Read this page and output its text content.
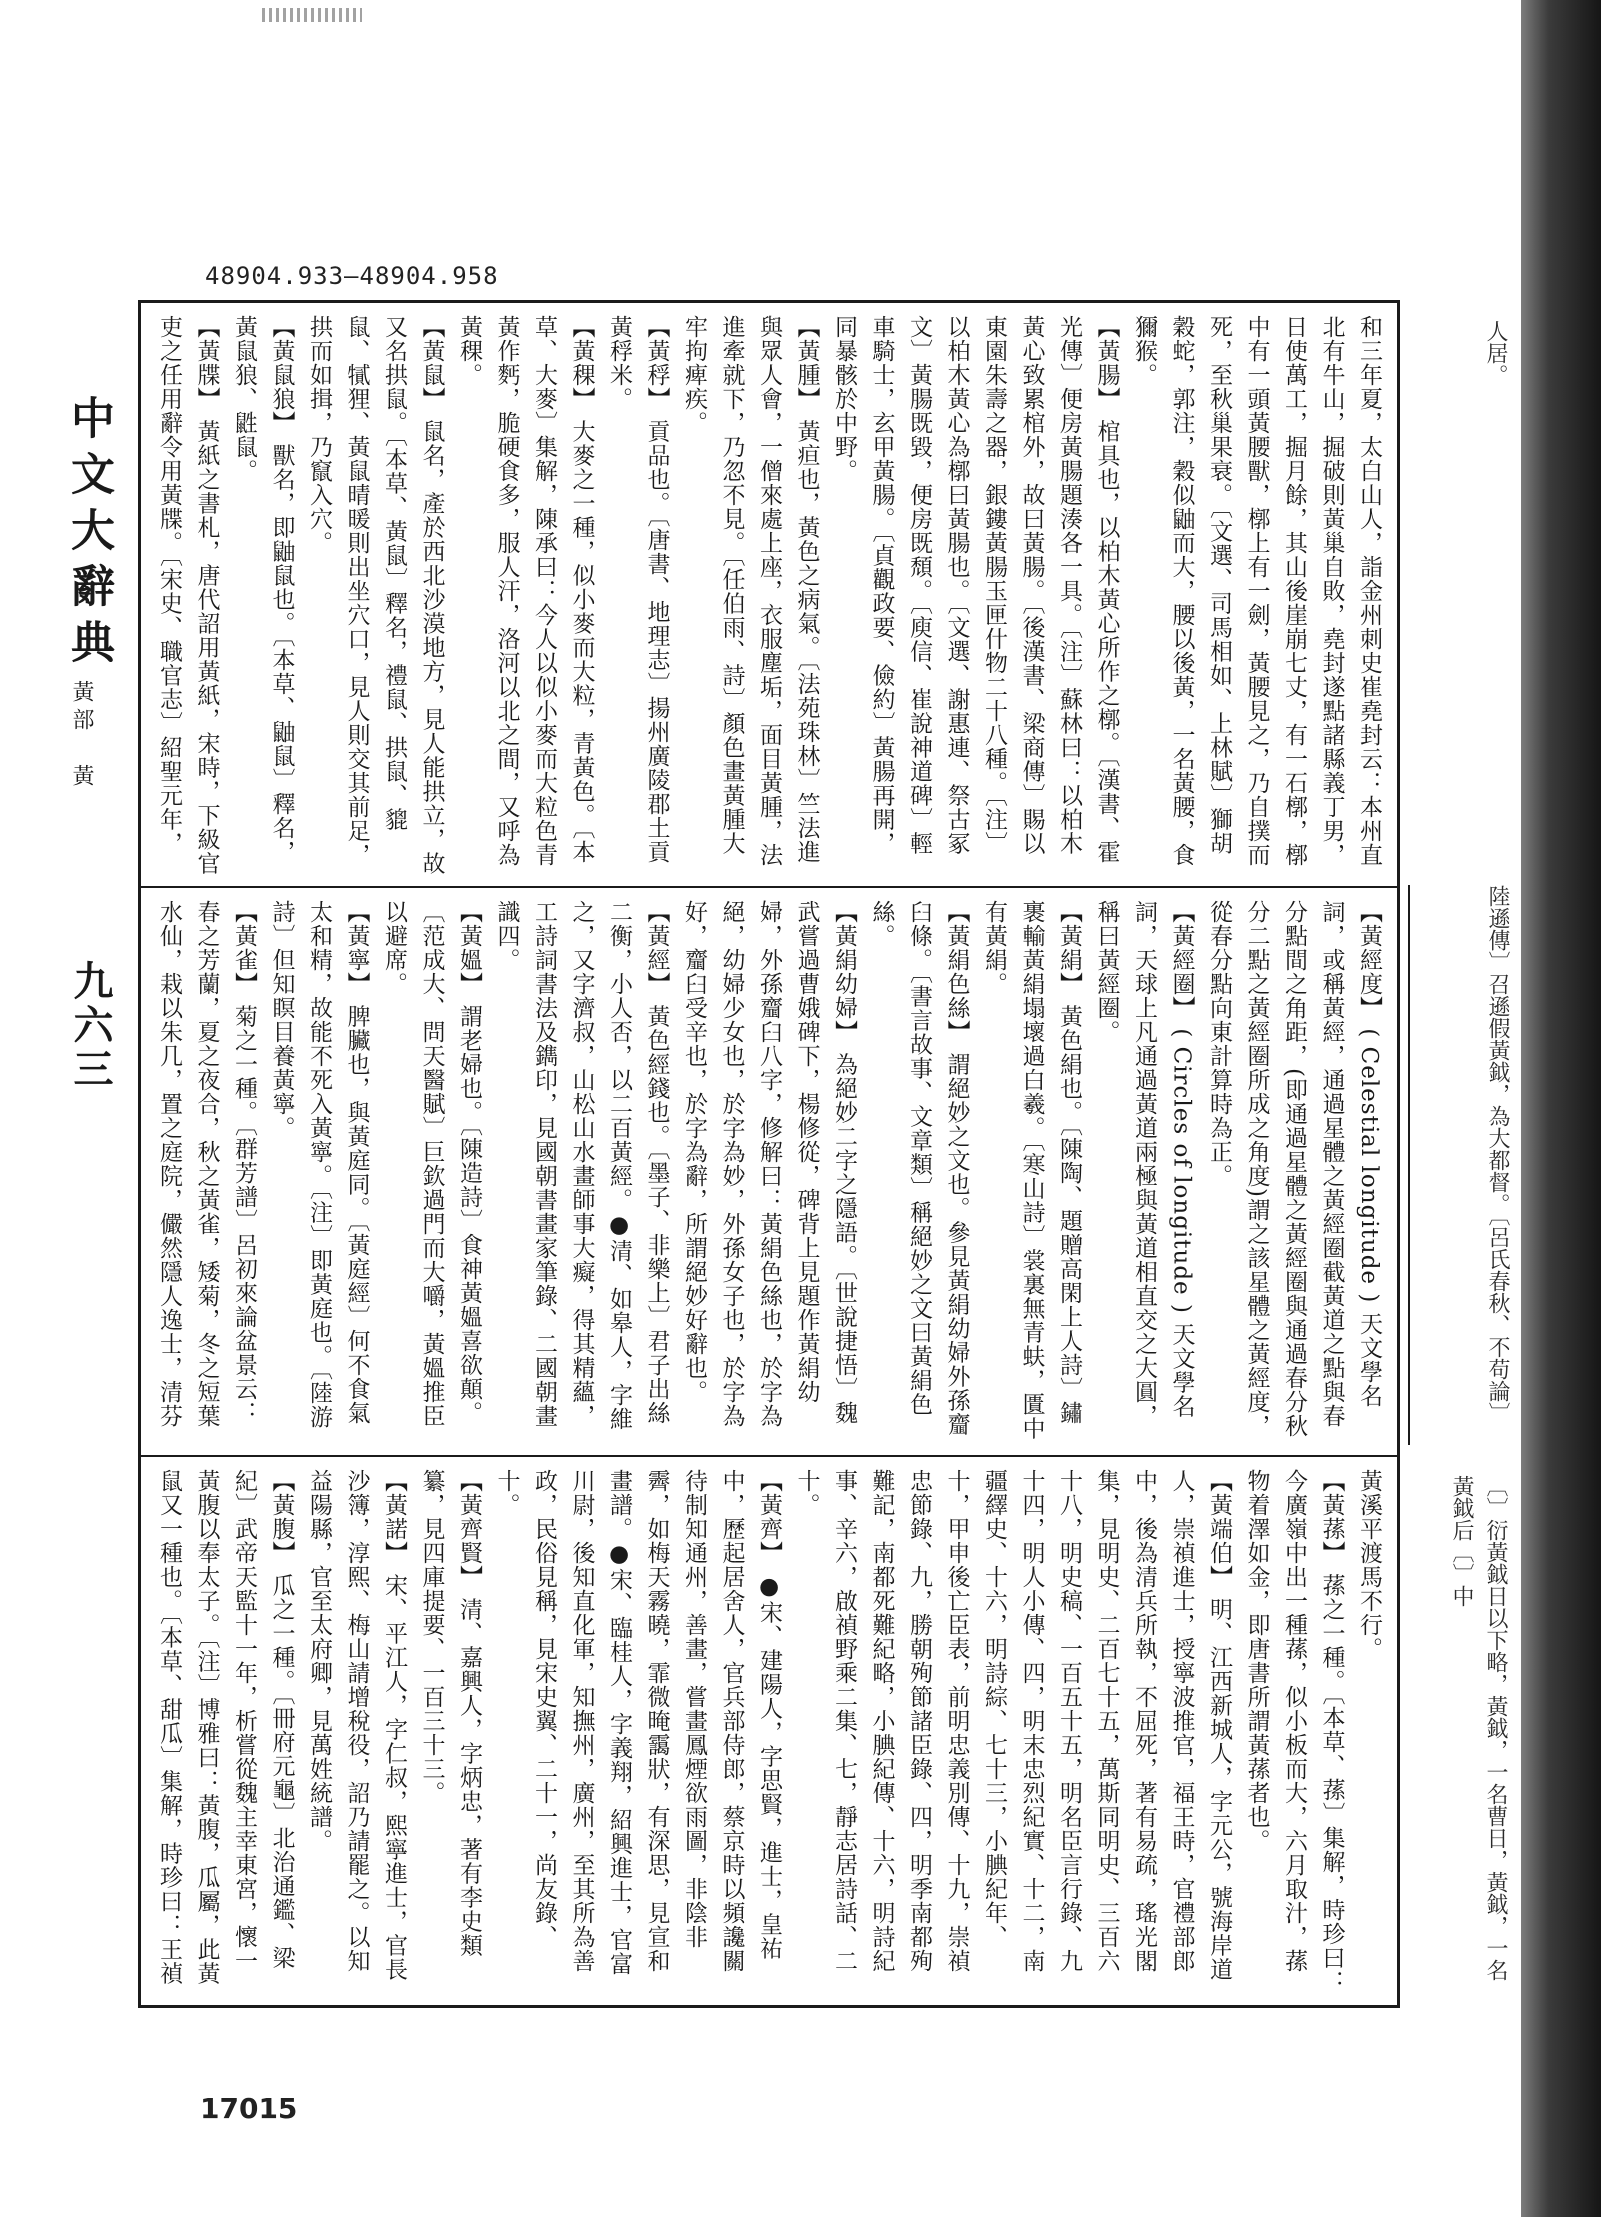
48904.933—48904.958
中文大辭典
黃部　黃
九六三

和三年夏，太白山人，詣金州刺史崔堯封云：本州直北有牛山，掘破則黃巢自敗，堯封遂點諸縣義丁男，日使萬工，掘月餘，其山後崖崩七丈，有一石槨，槨中有一頭黃腰獸，槨上有一劍，黃腰見之，乃自撲而死，至秋巢果衰。〔文選、司馬相如、上林賦〕獅胡穀蛇，郭注，穀似鼬而大，腰以後黃，一名黃腰，食獮猴。

【黃腸】 棺具也，以柏木黃心所作之槨。〔漢書、霍光傳〕便房黃腸題湊各一具。〔注〕蘇林曰：以柏木黃心致累棺外，故曰黃腸。〔後漢書、梁商傳〕賜以東園朱壽之器，銀鏤黃腸玉匣什物二十八種。〔注〕以柏木黃心為槨曰黃腸也。〔文選、謝惠連、祭古冢文〕黃腸既毀，便房既頹。〔庾信、崔說神道碑〕輕車騎士，玄甲黃腸。〔貞觀政要、儉約〕黃腸再開，同暴骸於中野。

【黃腫】 黃疸也，黃色之病氣。〔法苑珠林〕竺法進與眾人會，一僧來處上座，衣服塵垢，面目黃腫，法進牽就下，乃忽不見。〔任伯雨、詩〕顏色畫黃腫大牢拘痺疾。

【黃稃】 貢品也。〔唐書、地理志〕揚州廣陵郡土貢黃稃米。

【黃稞】 大麥之一種，似小麥而大粒，青黃色。〔本草、大麥〕集解，陳承曰：今人以似小麥而大粒色青黃作麫，脆硬食多，服人汗，洛河以北之間，又呼為黃稞。

【黃鼠】 鼠名，產於西北沙漠地方，見人能拱立，故又名拱鼠。〔本草、黃鼠〕釋名，禮鼠、拱鼠、貔鼠、㹑狸、黃鼠晴暖則出坐穴口，見人則交其前足，拱而如揖，乃竄入穴。

【黃鼠狼】 獸名，即鼬鼠也。〔本草、鼬鼠〕釋名，黃鼠狼、鼪鼠。

【黃牒】 黃紙之書札，唐代詔用黃紙，宋時，下級官吏之任用辭令用黃牒。〔宋史、職官志〕紹聖元年，

【黃經度】 ( Celestial longitude ) 天文學名詞，或稱黃經，通過星體之黃經圈截黃道之點與春分點間之角距，(即通過星體之黃經圈與通過春分秋分二點之黃經圈所成之角度)謂之該星體之黃經度，從春分點向東計算時為正。

【黃經圈】 ( Circles of longitude ) 天文學名詞，天球上凡通過黃道兩極與黃道相直交之大圓，稱曰黃經圈。

【黃絹】 黃色絹也。〔陳陶、題贈高閑上人詩〕鏽裹輸黃絹塌壞過白羲。〔寒山詩〕裳裏無青蚨，匱中有黃絹。

【黃絹色絲】 謂絕妙之文也。參見黃絹幼婦外孫齏臼條。〔書言故事、文章類〕稱絕妙之文曰黃絹色絲。

【黃絹幼婦】 為絕妙二字之隱語。〔世說捷悟〕魏武嘗過曹娥碑下，楊修從，碑背上見題作黃絹幼婦，外孫齏臼八字，修解曰：黃絹色絲也，於字為絕，幼婦少女也，於字為妙，外孫女子也，於字為好，齏臼受辛也，於字為辭，所謂絕妙好辭也。

【黃經】 黃色經錢也。〔墨子、非樂上〕君子出絲二衡，小人否，以二百黃經。●清、如皋人，字維之，又字濟叔，山松山水畫師事大癡，得其精蘊，工詩詞書法及鐫印，見國朝書畫家筆錄、二國朝畫識四。

【黃媼】 謂老婦也。〔陳造詩〕食神黃媼喜欲顛。〔范成大、問天醫賦〕巨欽過門而大嚼，黃媼推臣以避席。

【黃寧】 脾臟也，與黃庭同。〔黃庭經〕何不食氣太和精，故能不死入黃寧。〔注〕即黃庭也。〔陸游詩〕但知瞑目養黃寧。

【黃雀】 菊之一種。〔群芳譜〕呂初來論盆景云：春之芳蘭，夏之夜合，秋之黃雀，矮菊，冬之短葉水仙，栽以朱几，置之庭院，儼然隱人逸士，清芬

黃溪平渡馬不行。

【黃蓀】 蓀之一種。〔本草、蓀〕集解，時珍曰：今廣嶺中出一種蓀，似小板而大，六月取汁，蓀物着澤如金，即唐書所謂黃蓀者也。

【黃端伯】 明、江西新城人，字元公，號海岸道人，崇禎進士，授寧波推官，福王時，官禮部郎中，後為清兵所執，不屈死，著有易疏，瑤光閣集，見明史、二百七十五，萬斯同明史、三百六十八，明史稿、一百五十五，明名臣言行錄、九十四，明人小傳、四，明末忠烈紀實、十二，南疆繹史、十六，明詩綜、七十三，小腆紀年、十，甲申後亡臣表，前明忠義別傳、十九，崇禎忠節錄、九，勝朝殉節諸臣錄、四，明季南都殉難記，南都死難紀略，小腆紀傳、十六，明詩紀事、辛六，啟禎野乘二集、七，靜志居詩話、二十。

【黃齊】 ●宋、建陽人，字思賢，進士，皇祐中，歷起居舍人，官兵部侍郎，蔡京時以頻讒關待制知通州，善畫，嘗畫鳳煙欲雨圖，非陰非霽，如梅天霧曉，霏微晻靄狀，有深思，見宣和畫譜。●宋、臨桂人，字義翔，紹興進士，官富川尉，後知直化軍，知撫州，廣州，至其所為善政，民俗見稱，見宋史翼、二十一，尚友錄、十。

【黃齊賢】 清、嘉興人，字炳忠，著有李史類纂，見四庫提要、一百三十三。

【黃諾】 宋、平江人，字仁叔，熙寧進士，官長沙簿，淳熙、梅山請增稅役，詔乃請罷之。以知益陽縣，官至太府卿，見萬姓統譜。

【黃腹】 瓜之一種。〔冊府元龜〕北治通鑑、梁紀〕武帝天監十一年，析嘗從魏主幸東宮，懷一黃腹以奉太子。〔注〕博雅曰：黃腹，瓜屬，此黃鼠又一種也。〔本草、甜瓜〕集解，時珍曰：王禎

人居。
陸遜傳〕召遜假黃鉞，為大都督。〔呂氏春秋、不苟論〕
〔〕衍黃鉞日以下略，黃鉞，一名曹日，黃鉞，一名黃鉞后〔〕中
17015
